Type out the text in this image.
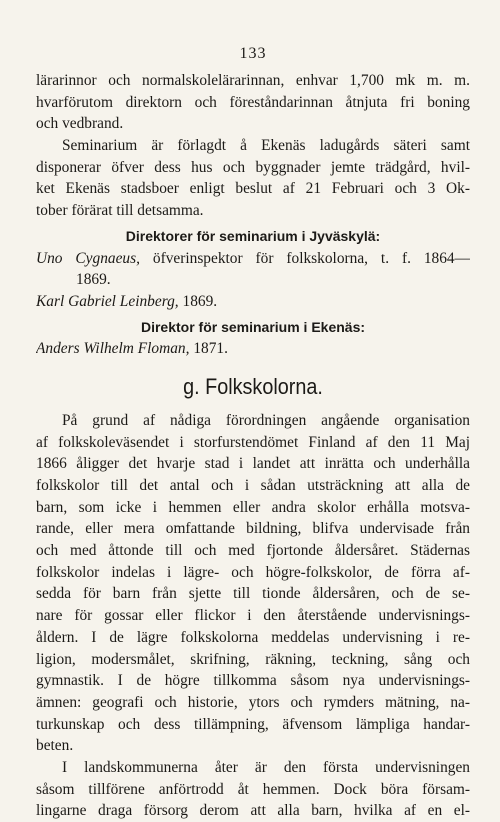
133
lärarinnor och normalskolelärarinnan, enhvar 1,700 mk m. m.
hvarförutom direktorn och föreståndarinnan åtnjuta fri boning
och vedbrand.
Seminarium är förlagdt å Ekenäs ladugårds säteri samt
disponerar öfver dess hus och byggnader jemte trädgård, hvil-
ket Ekenäs stadsboer enligt beslut af 21 Februari och 3 Ok-
tober förärat till detsamma.
Direktorer för seminarium i Jyväskylä:
Uno Cygnaeus, öfverinspektor för folkskolorna, t. f. 1864—
1869.
Karl Gabriel Leinberg, 1869.
Direktor för seminarium i Ekenäs:
Anders Wilhelm Floman, 1871.
g. Folkskolorna.
På grund af nådiga förordningen angående organisation
af folkskoleväsendet i storfurstendömet Finland af den 11 Maj
1866 åligger det hvarje stad i landet att inrätta och underhålla
folkskolor till det antal och i sådan utsträckning att alla de
barn, som icke i hemmen eller andra skolor erhålla motsva-
rande, eller mera omfattande bildning, blifva undervisade från
och med åttonde till och med fjortonde åldersåret. Städernas
folkskolor indelas i lägre- och högre-folkskolor, de förra af-
sedda för barn från sjette till tionde åldersåren, och de se-
nare för gossar eller flickor i den återstående undervisnings-
åldern. I de lägre folkskolorna meddelas undervisning i re-
ligion, modersmålet, skrifning, räkning, teckning, sång och
gymnastik. I de högre tillkomma såsom nya undervisnings-
ämnen: geografi och historie, ytors och rymders mätning, na-
turkunskap och dess tillämpning, äfvensom lämpliga handar-
beten.
I landskommunerna åter är den första undervisningen
såsom tillförene anförtrodd åt hemmen. Dock böra försam-
lingarne draga försorg derom att alla barn, hvilka af en el-
